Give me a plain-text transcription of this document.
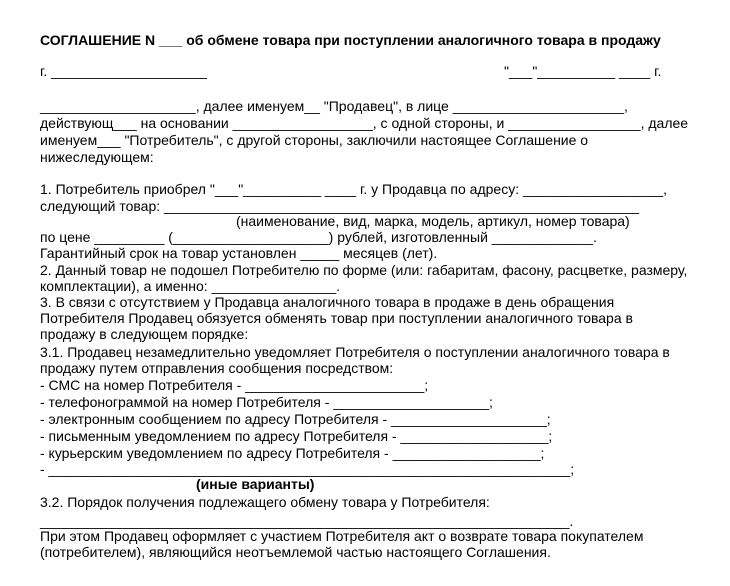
СОГЛАШЕНИЕ N ___ об обмене товара при поступлении аналогичного товара в продажу
г. ____________________	"___"__________ ____ г.
____________________, далее именуем__ "Продавец", в лице ______________________,
действующ___ на основании __________________, с одной стороны, и _________________, далее
именуем___ "Потребитель", с другой стороны, заключили настоящее Соглашение о
нижеследующем:
1. Потребитель приобрел "___"__________ ____ г. у Продавца по адресу: __________________,
следующий товар: _____________________________________________________________
(наименование, вид, марка, модель, артикул, номер товара)
по цене _________ (____________________) рублей, изготовленный _____________.
Гарантийный срок на товар установлен _____ месяцев (лет).
2. Данный товар не подошел Потребителю по форме (или: габаритам, фасону, расцветке, размеру,
комплектации), а именно: ________________.
3. В связи с отсутствием у Продавца аналогичного товара в продаже в день обращения
Потребителя Продавец обязуется обменять товар при поступлении аналогичного товара в
продажу в следующем порядке:
3.1. Продавец незамедлительно уведомляет Потребителя о поступлении аналогичного товара в
продажу путем отправления сообщения посредством:
- СМС на номер Потребителя - _______________________;
- телефонограммой на номер Потребителя - ____________________;
- электронным сообщением по адресу Потребителя - ____________________;
- письменным уведомлением по адресу Потребителя - ___________________;
- курьерским уведомлением по адресу Потребителя - ___________________;
- ___________________________________________________________________;
(иные варианты)
3.2. Порядок получения подлежащего обмену товара у Потребителя:
____________________________________________________________________.
При этом Продавец оформляет с участием Потребителя акт о возврате товара покупателем
(потребителем), являющийся неотъемлемой частью настоящего Соглашения.
